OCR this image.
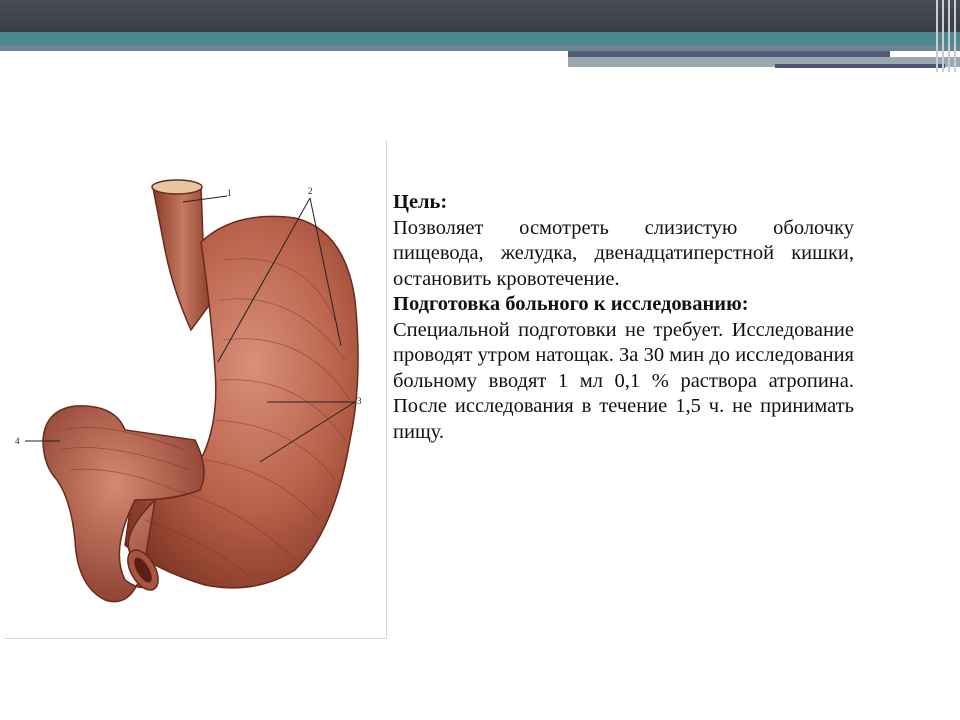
1	2
3
4

Цель:

Позволяет осмотреть слизистую оболочку пищевода, желудка, двенадцатиперстной кишки, остановить кровотечение.

Подготовка больного к исследованию:

Специальной подготовки не требует. Исследование проводят утром натощак. За 30 мин до исследования больному вводят 1 мл 0,1 % раствора атропина. После исследования в течение 1,5 ч. не принимать пищу.
